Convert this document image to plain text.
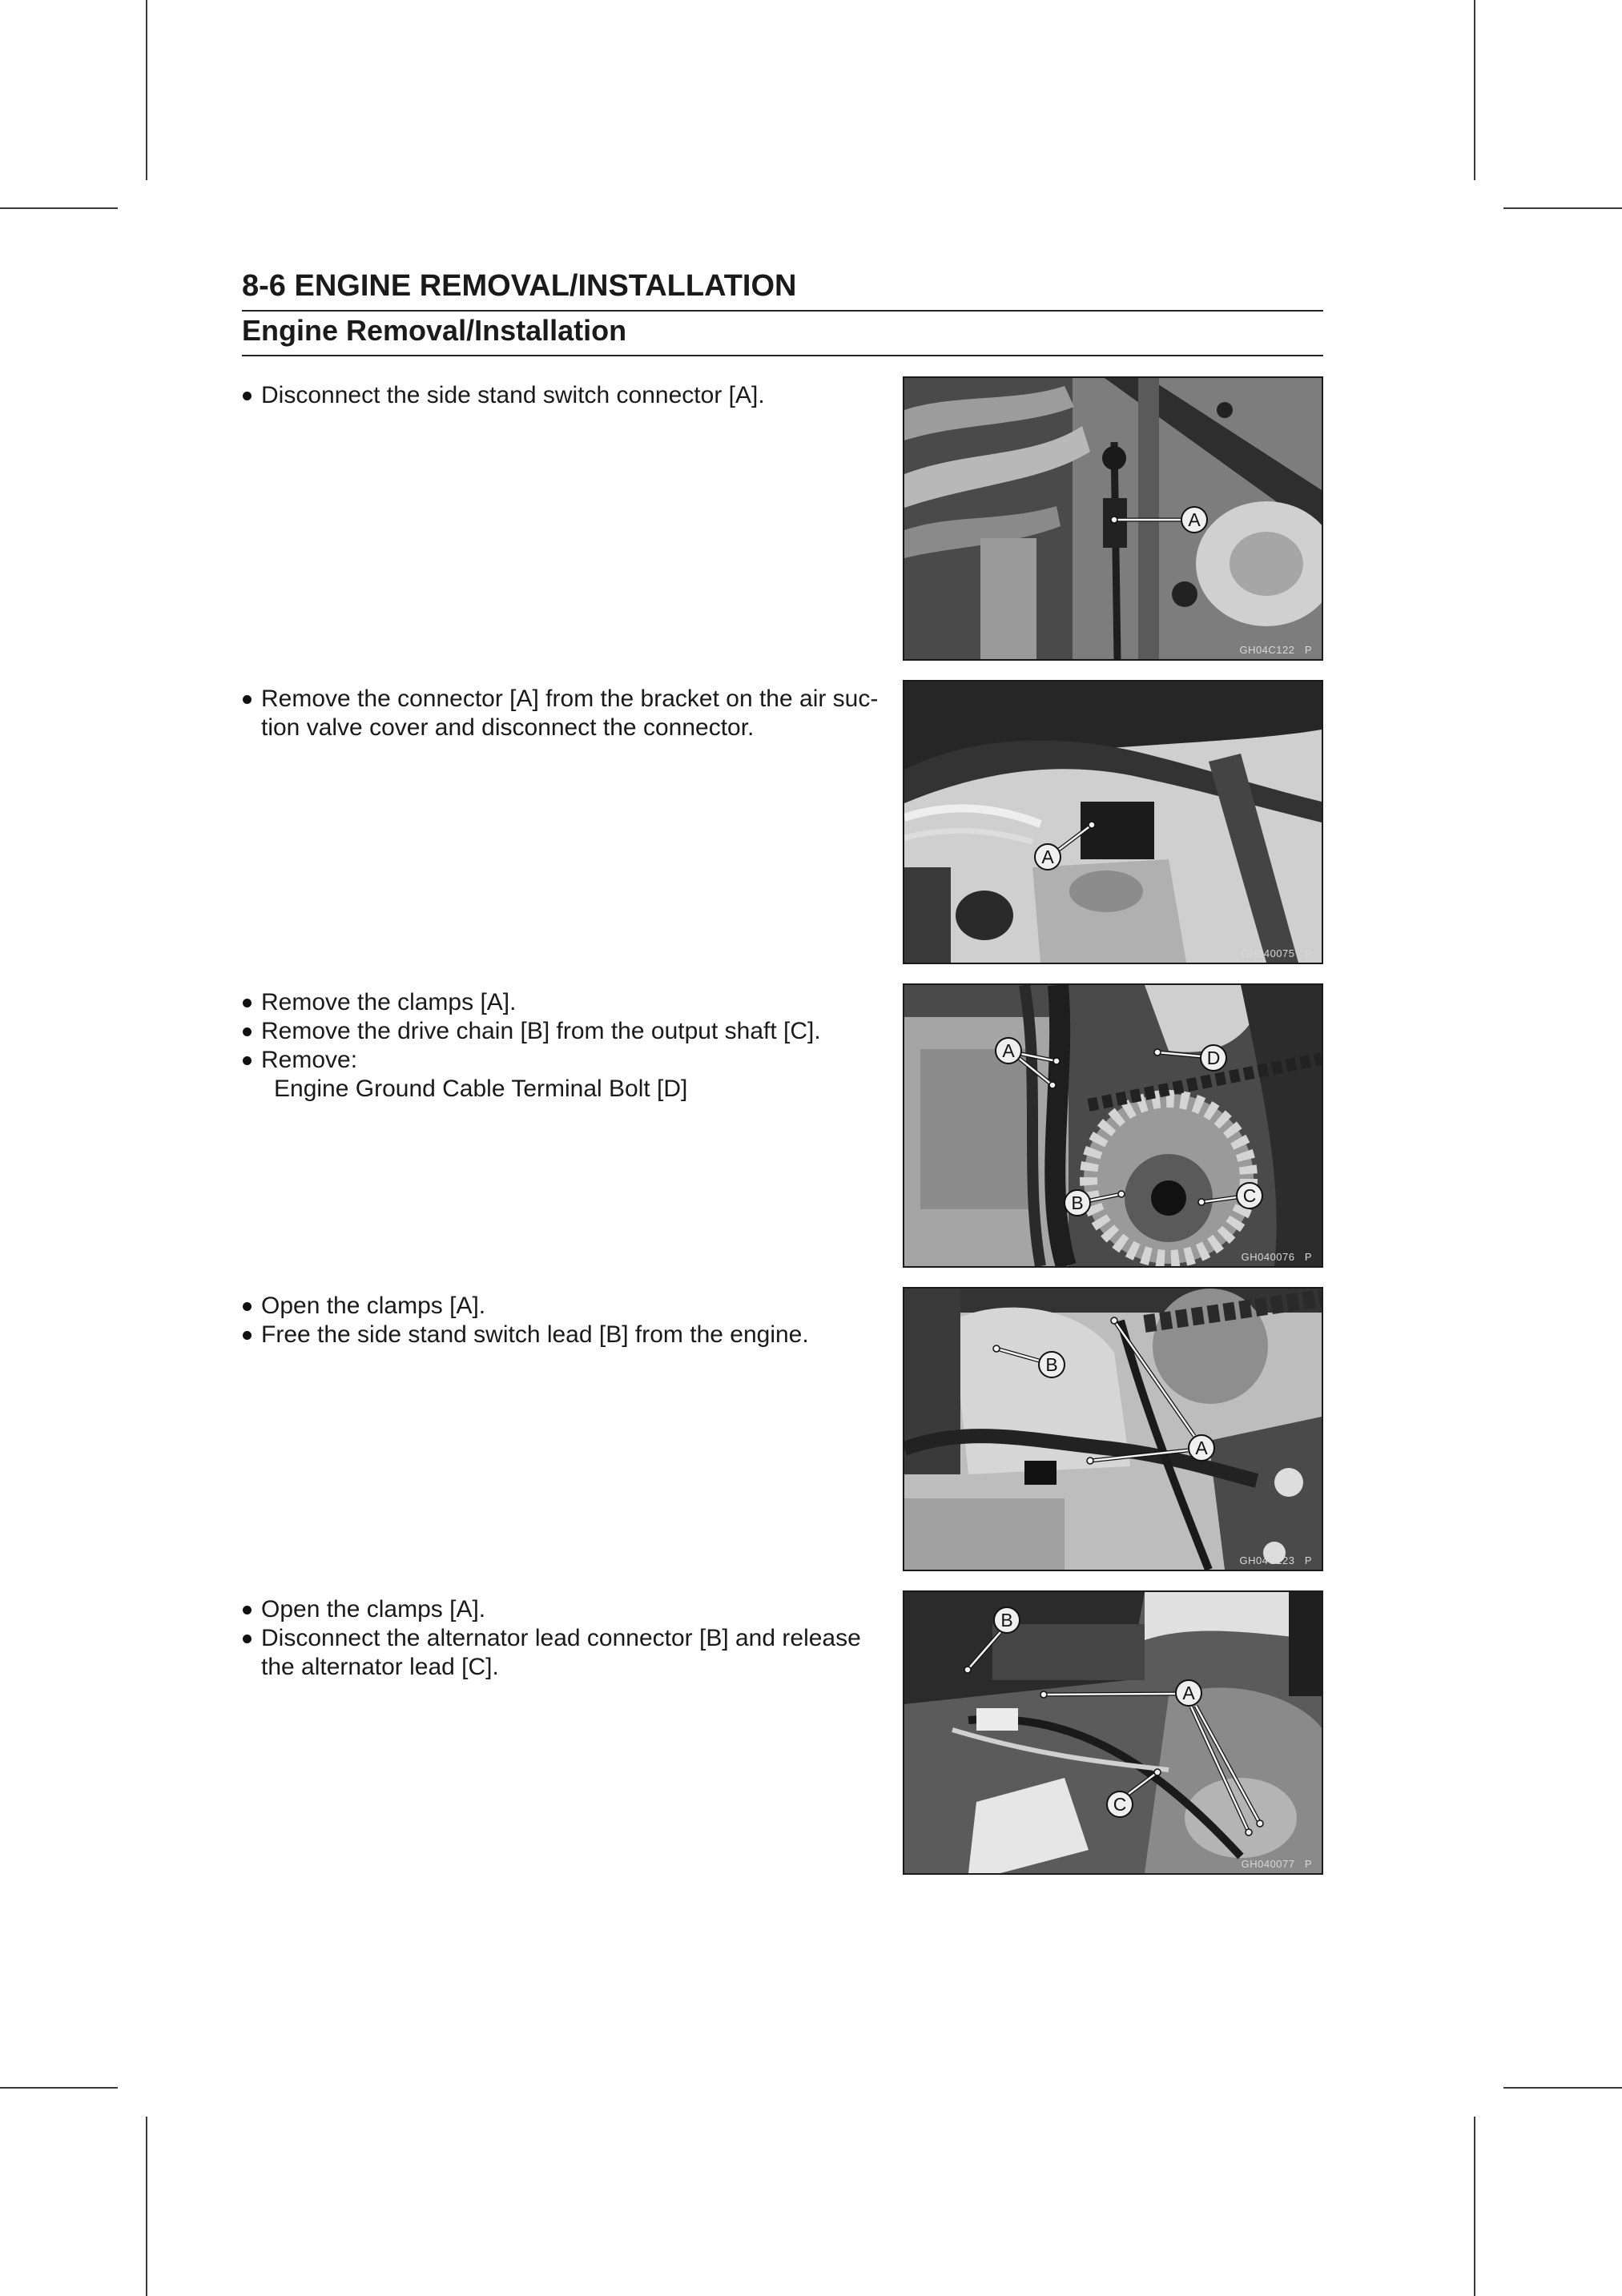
8-6 ENGINE REMOVAL/INSTALLATION
Engine Removal/Installation
Disconnect the side stand switch connector [A].
A
GH04C122   P
Remove the connector [A] from the bracket on the air suc-
tion valve cover and disconnect the connector.
A
GH040075   P
Remove the clamps [A].
Remove the drive chain [B] from the output shaft [C].
Remove:
Engine Ground Cable Terminal Bolt [D]
A	D
B	C
GH040076   P
Open the clamps [A].
Free the side stand switch lead [B] from the engine.
B
A
GH04C123   P
Open the clamps [A].
Disconnect the alternator lead connector [B] and release
the alternator lead [C].
B
A
C
GH040077   P
